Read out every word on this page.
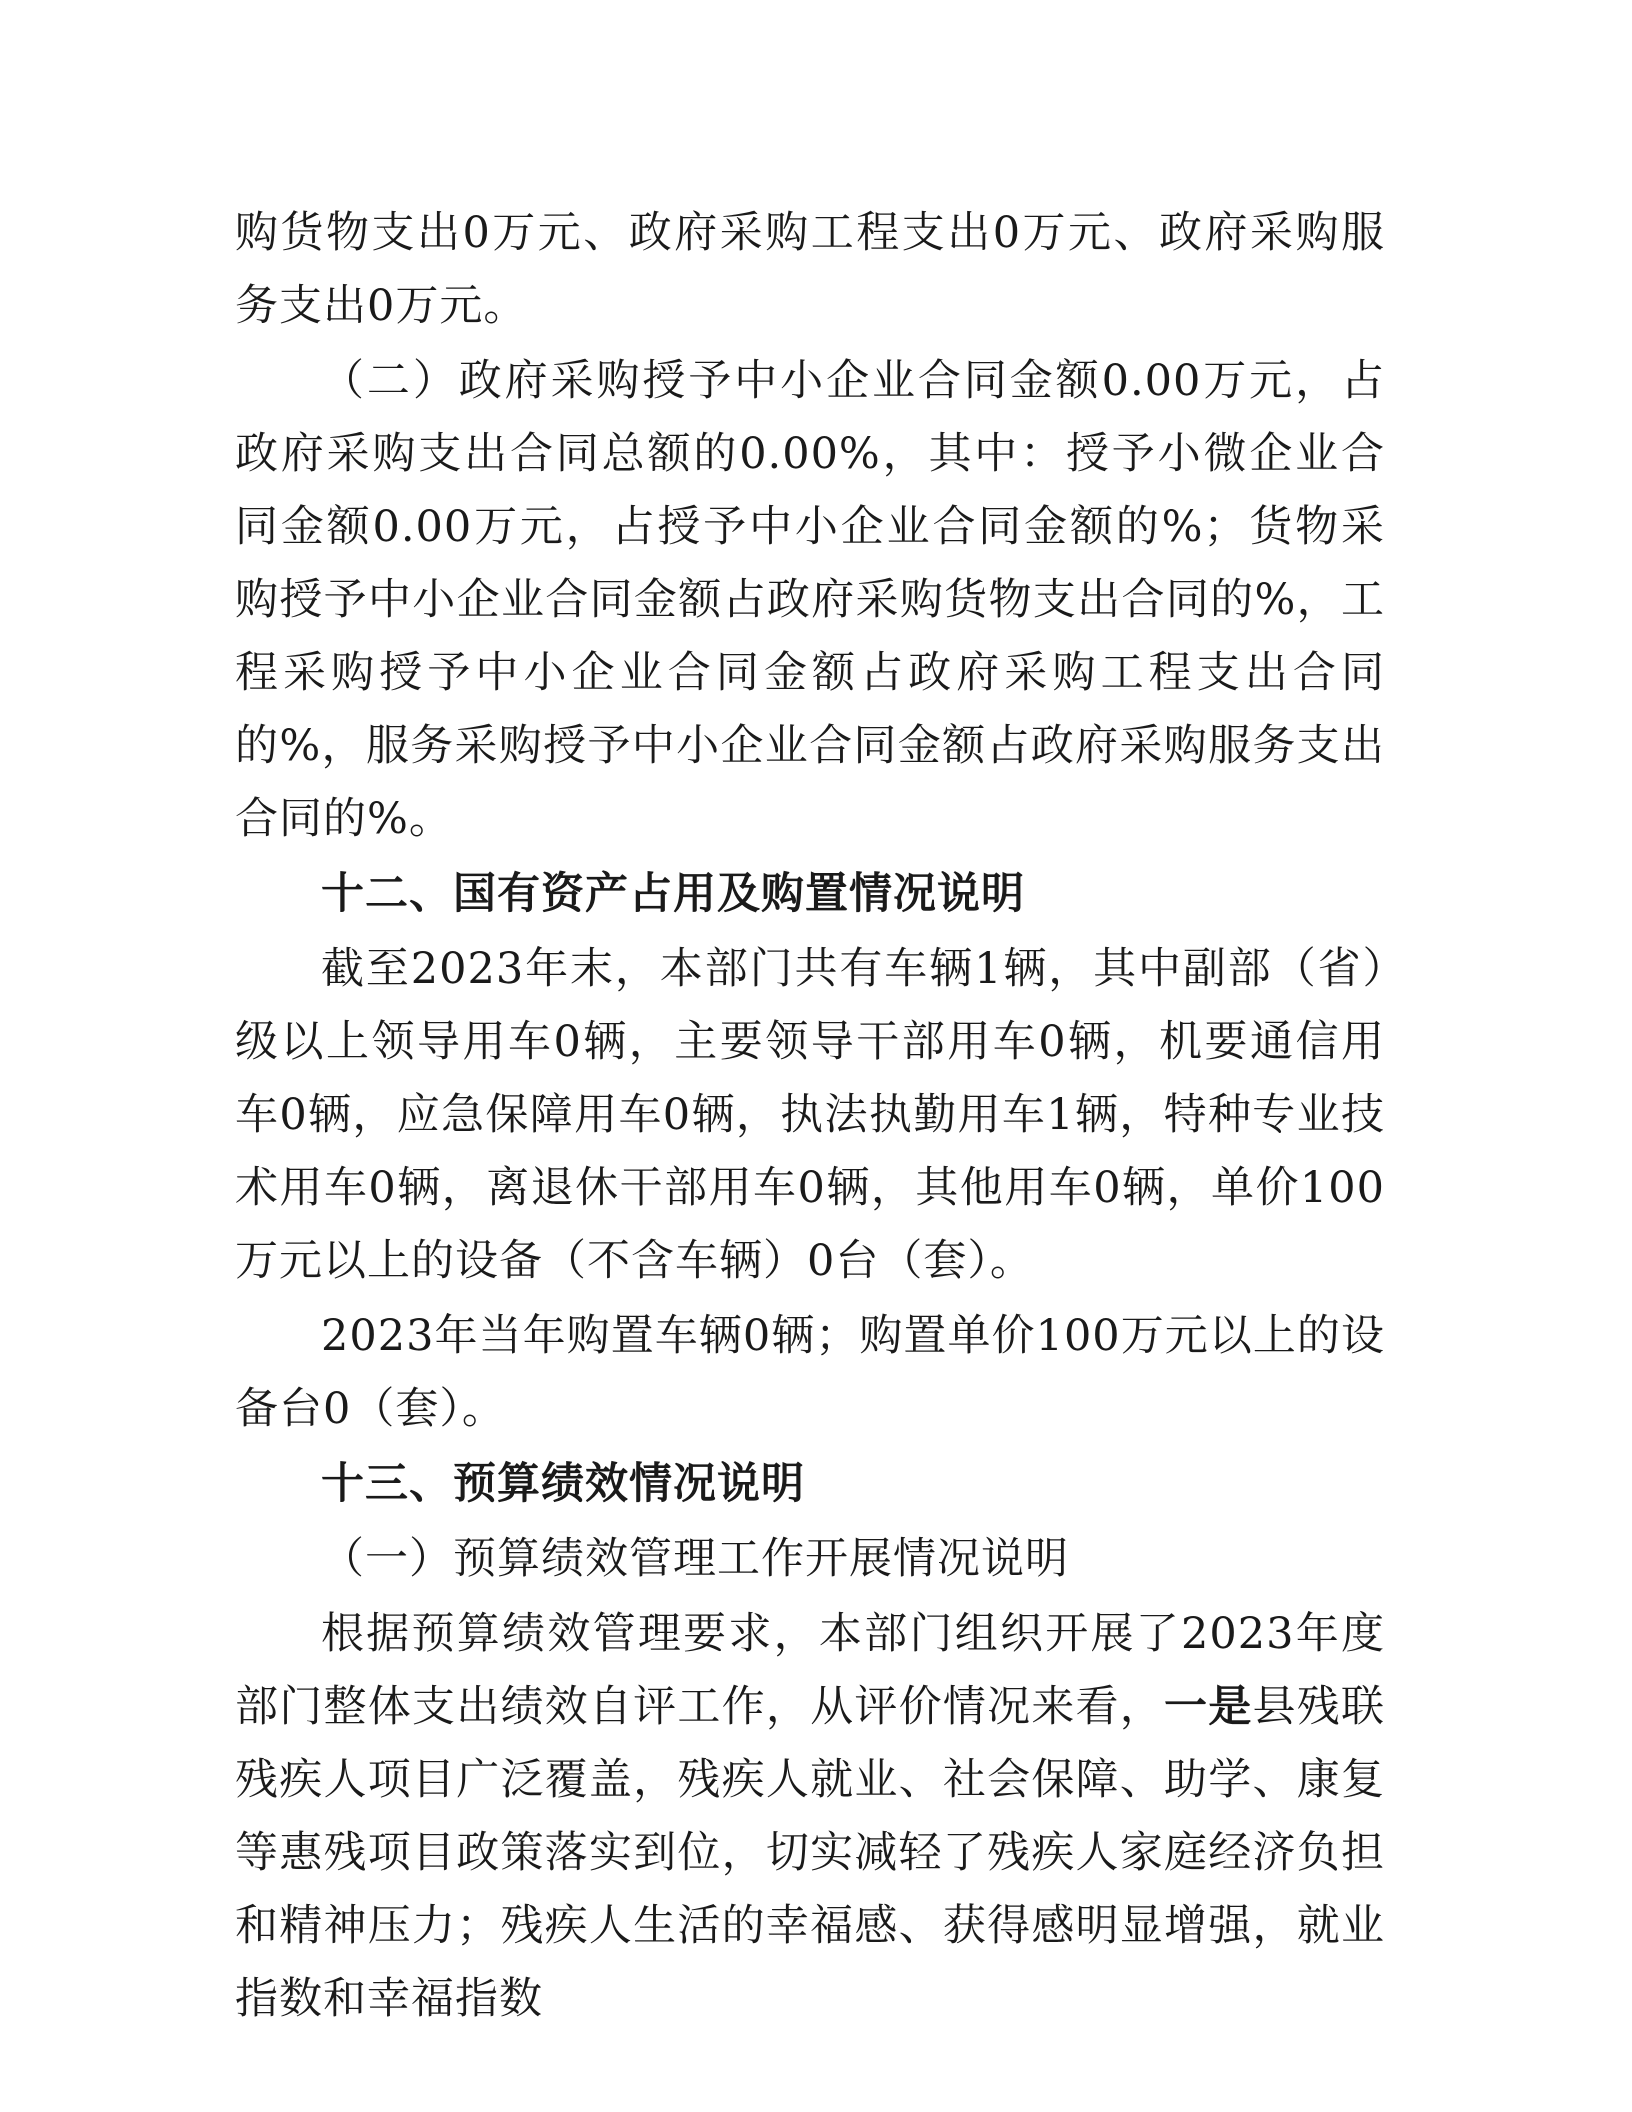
购货物支出0万元、政府采购工程支出0万元、政府采购服务支出0万元。

（二）政府采购授予中小企业合同金额0.00万元，占政府采购支出合同总额的0.00%，其中：授予小微企业合同金额0.00万元，占授予中小企业合同金额的%；货物采购授予中小企业合同金额占政府采购货物支出合同的%，工程采购授予中小企业合同金额占政府采购工程支出合同的%，服务采购授予中小企业合同金额占政府采购服务支出合同的%。

十二、国有资产占用及购置情况说明

截至2023年末，本部门共有车辆1辆，其中副部（省）级以上领导用车0辆，主要领导干部用车0辆，机要通信用车0辆，应急保障用车0辆，执法执勤用车1辆，特种专业技术用车0辆，离退休干部用车0辆，其他用车0辆，单价100万元以上的设备（不含车辆）0台（套）。

2023年当年购置车辆0辆；购置单价100万元以上的设备台0（套）。

十三、预算绩效情况说明

（一）预算绩效管理工作开展情况说明

根据预算绩效管理要求，本部门组织开展了2023年度部门整体支出绩效自评工作，从评价情况来看，一是县残联残疾人项目广泛覆盖，残疾人就业、社会保障、助学、康复等惠残项目政策落实到位，切实减轻了残疾人家庭经济负担和精神压力；残疾人生活的幸福感、获得感明显增强，就业指数和幸福指数
